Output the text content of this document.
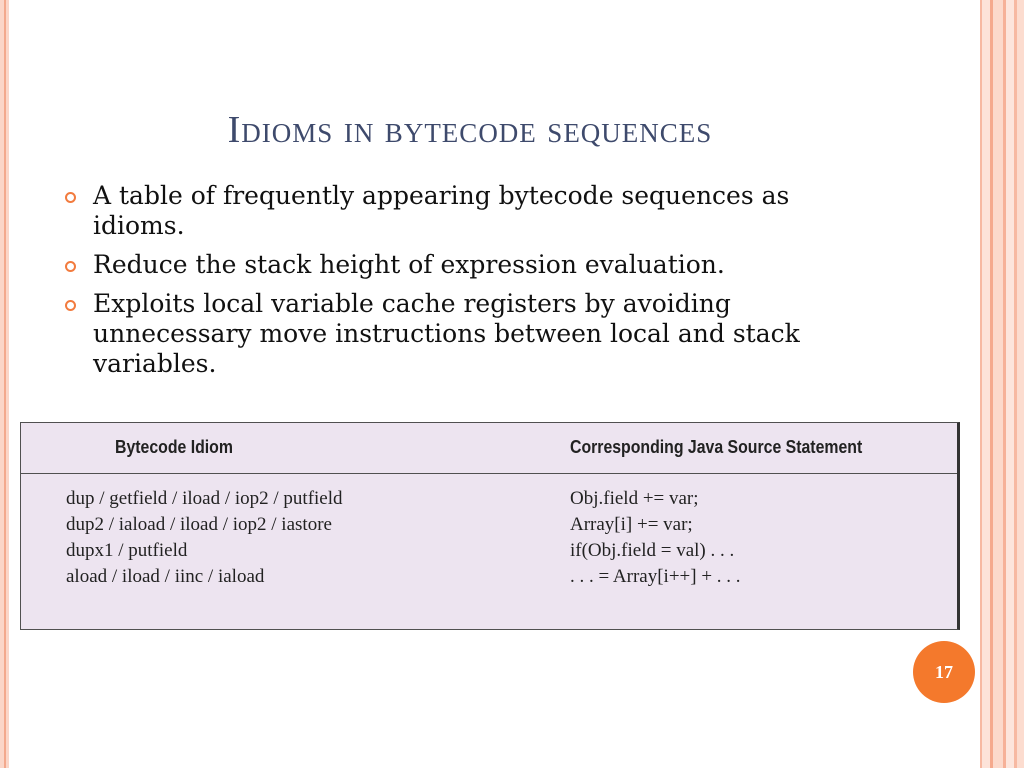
Idioms in bytecode sequences
A table of frequently appearing bytecode sequences as idioms.
Reduce the stack height of expression evaluation.
Exploits local variable cache registers by avoiding unnecessary move instructions between local and stack variables.
Bytecode Idiom	Corresponding Java Source Statement
dup / getfield / iload / iop2 / putfield	Obj.field += var;
dup2 / iaload / iload / iop2 / iastore	Array[i] += var;
dupx1 / putfield	if(Obj.field = val) . . .
aload / iload / iinc / iaload	. . . = Array[i++] + . . .
17
